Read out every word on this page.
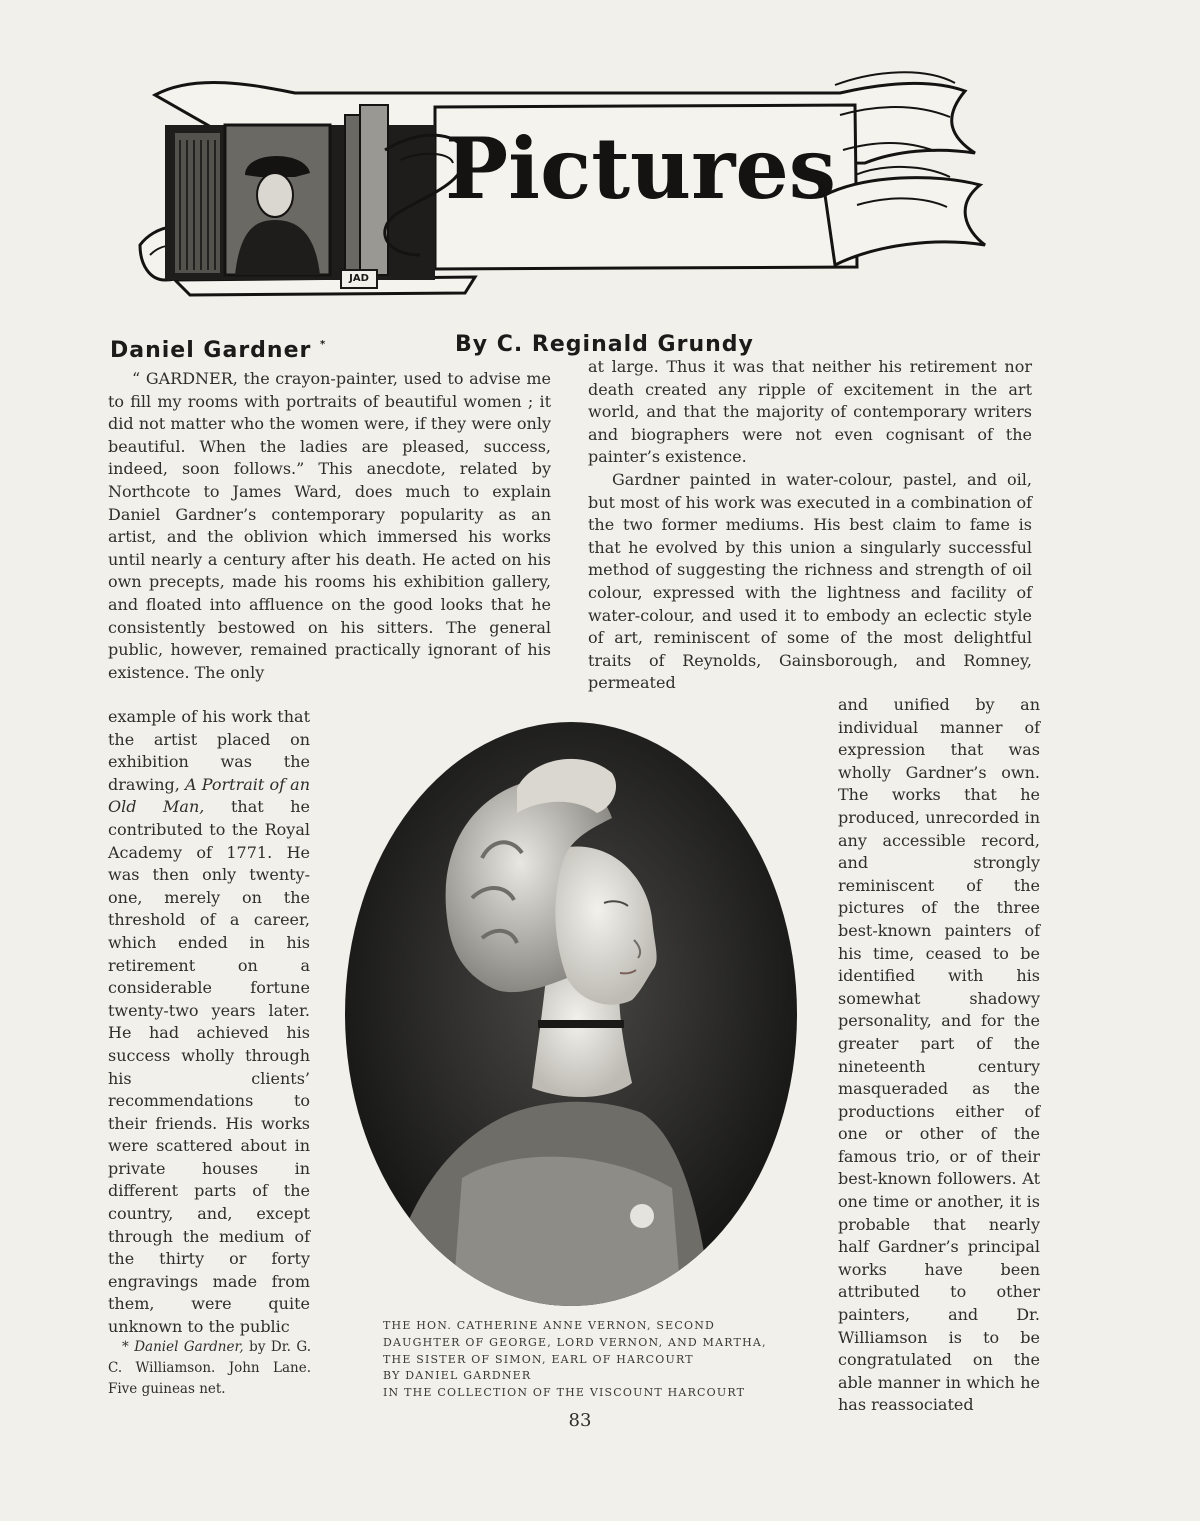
Pictures
JAD
Daniel Gardner *	By C. Reginald Grundy

“ GARDNER, the crayon-painter, used to advise me to fill my rooms with portraits of beautiful women ; it did not matter who the women were, if they were only beautiful. When the ladies are pleased, success, indeed, soon follows.” This anecdote, related by Northcote to James Ward, does much to explain Daniel Gardner’s contemporary popularity as an artist, and the oblivion which immersed his works until nearly a century after his death. He acted on his own precepts, made his rooms his exhibition gallery, and floated into affluence on the good looks that he consistently bestowed on his sitters. The general public, however, remained practically ignorant of his existence. The only

example of his work that the artist placed on exhibition was the drawing, A Portrait of an Old Man, that he contributed to the Royal Academy of 1771. He was then only twenty-one, merely on the threshold of a career, which ended in his retirement on a considerable fortune twenty-two years later. He had achieved his success wholly through his clients’ recommendations to their friends. His works were scattered about in private houses in different parts of the country, and, except through the medium of the thirty or forty engravings made from them, were quite unknown to the public

at large. Thus it was that neither his retirement nor death created any ripple of excitement in the art world, and that the majority of contemporary writers and biographers were not even cognisant of the painter’s existence.

Gardner painted in water-colour, pastel, and oil, but most of his work was executed in a combination of the two former mediums. His best claim to fame is that he evolved by this union a singularly successful method of suggesting the richness and strength of oil colour, expressed with the lightness and facility of water-colour, and used it to embody an eclectic style of art, reminiscent of some of the most delightful traits of Reynolds, Gainsborough, and Romney, permeated

and unified by an individual manner of expression that was wholly Gardner’s own. The works that he produced, unrecorded in any accessible record, and strongly reminiscent of the pictures of the three best-known painters of his time, ceased to be identified with his somewhat shadowy personality, and for the greater part of the nineteenth century masqueraded as the productions either of one or other of the famous trio, or of their best-known followers. At one time or another, it is probable that nearly half Gardner’s principal works have been attributed to other painters, and Dr. Williamson is to be congratulated on the able manner in which he has reassociated

THE HON. CATHERINE ANNE VERNON, SECOND
DAUGHTER OF GEORGE, LORD VERNON, AND MARTHA,
THE SISTER OF SIMON, EARL OF HARCOURT
BY DANIEL GARDNER
IN THE COLLECTION OF THE VISCOUNT HARCOURT

* Daniel Gardner, by Dr. G. C. Williamson. John Lane. Five guineas net.

83
